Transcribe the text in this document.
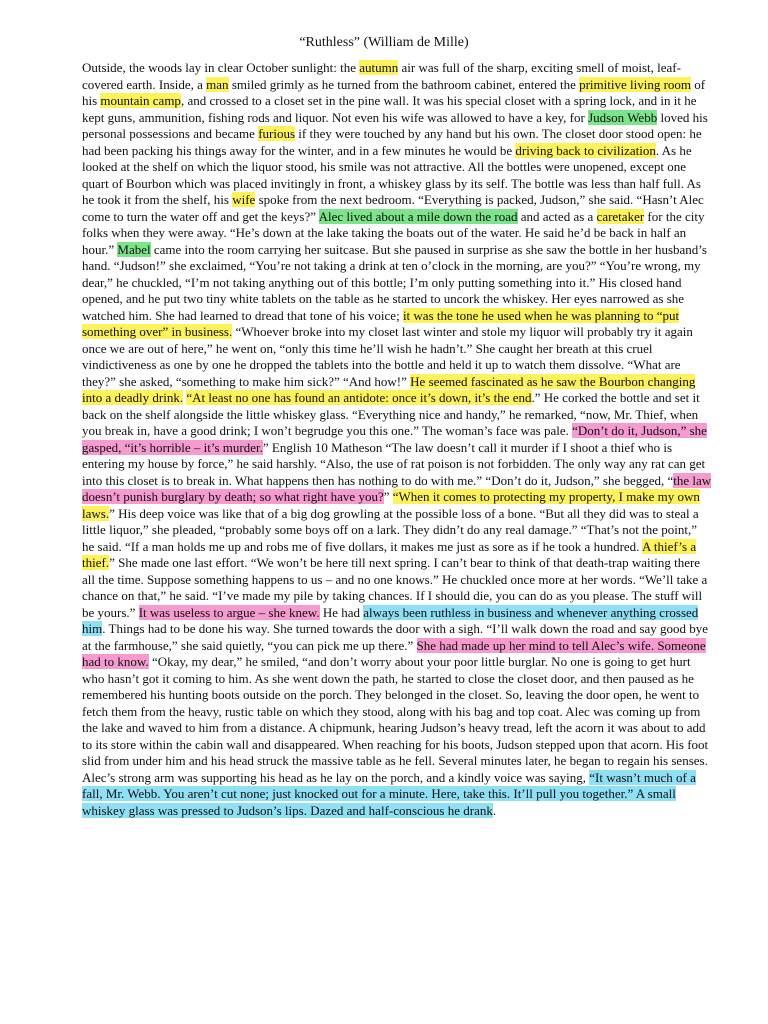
“Ruthless” (William de Mille)
Outside, the woods lay in clear October sunlight: the autumn air was full of the sharp, exciting smell of moist, leaf-covered earth. Inside, a man smiled grimly as he turned from the bathroom cabinet, entered the primitive living room of his mountain camp, and crossed to a closet set in the pine wall. It was his special closet with a spring lock, and in it he kept guns, ammunition, fishing rods and liquor. Not even his wife was allowed to have a key, for Judson Webb loved his personal possessions and became furious if they were touched by any hand but his own. The closet door stood open: he had been packing his things away for the winter, and in a few minutes he would be driving back to civilization. As he looked at the shelf on which the liquor stood, his smile was not attractive. All the bottles were unopened, except one quart of Bourbon which was placed invitingly in front, a whiskey glass by its self. The bottle was less than half full. As he took it from the shelf, his wife spoke from the next bedroom. “Everything is packed, Judson,” she said. “Hasn’t Alec come to turn the water off and get the keys?” Alec lived about a mile down the road and acted as a caretaker for the city folks when they were away. “He’s down at the lake taking the boats out of the water. He said he’d be back in half an hour.” Mabel came into the room carrying her suitcase. But she paused in surprise as she saw the bottle in her husband’s hand. “Judson!” she exclaimed, “You’re not taking a drink at ten o’clock in the morning, are you?” “You’re wrong, my dear,” he chuckled, “I’m not taking anything out of this bottle; I’m only putting something into it.” His closed hand opened, and he put two tiny white tablets on the table as he started to uncork the whiskey. Her eyes narrowed as she watched him. She had learned to dread that tone of his voice; it was the tone he used when he was planning to “put something over” in business. “Whoever broke into my closet last winter and stole my liquor will probably try it again once we are out of here,” he went on, “only this time he’ll wish he hadn’t.” She caught her breath at this cruel vindictiveness as one by one he dropped the tablets into the bottle and held it up to watch them dissolve. “What are they?” she asked, “something to make him sick?” “And how!” He seemed fascinated as he saw the Bourbon changing into a deadly drink. “At least no one has found an antidote: once it’s down, it’s the end.” He corked the bottle and set it back on the shelf alongside the little whiskey glass. “Everything nice and handy,” he remarked, “now, Mr. Thief, when you break in, have a good drink; I won’t begrudge you this one.” The woman’s face was pale. “Don’t do it, Judson,” she gasped, “it’s horrible – it’s murder.” English 10 Matheson “The law doesn’t call it murder if I shoot a thief who is entering my house by force,” he said harshly. “Also, the use of rat poison is not forbidden. The only way any rat can get into this closet is to break in. What happens then has nothing to do with me.” “Don’t do it, Judson,” she begged, “the law doesn’t punish burglary by death; so what right have you?” “When it comes to protecting my property, I make my own laws.” His deep voice was like that of a big dog growling at the possible loss of a bone. “But all they did was to steal a little liquor,” she pleaded, “probably some boys off on a lark. They didn’t do any real damage.” “That’s not the point,” he said. “If a man holds me up and robs me of five dollars, it makes me just as sore as if he took a hundred. A thief’s a thief.” She made one last effort. “We won’t be here till next spring. I can’t bear to think of that death-trap waiting there all the time. Suppose something happens to us – and no one knows.” He chuckled once more at her words. “We’ll take a chance on that,” he said. “I’ve made my pile by taking chances. If I should die, you can do as you please. The stuff will be yours.” It was useless to argue – she knew. He had always been ruthless in business and whenever anything crossed him. Things had to be done his way. She turned towards the door with a sigh. “I’ll walk down the road and say good bye at the farmhouse,” she said quietly, “you can pick me up there.” She had made up her mind to tell Alec’s wife. Someone had to know. “Okay, my dear,” he smiled, “and don’t worry about your poor little burglar. No one is going to get hurt who hasn’t got it coming to him. As she went down the path, he started to close the closet door, and then paused as he remembered his hunting boots outside on the porch. They belonged in the closet. So, leaving the door open, he went to fetch them from the heavy, rustic table on which they stood, along with his bag and top coat. Alec was coming up from the lake and waved to him from a distance. A chipmunk, hearing Judson’s heavy tread, left the acorn it was about to add to its store within the cabin wall and disappeared. When reaching for his boots, Judson stepped upon that acorn. His foot slid from under him and his head struck the massive table as he fell. Several minutes later, he began to regain his senses. Alec’s strong arm was supporting his head as he lay on the porch, and a kindly voice was saying, “It wasn’t much of a fall, Mr. Webb. You aren’t cut none; just knocked out for a minute. Here, take this. It’ll pull you together.” A small whiskey glass was pressed to Judson’s lips. Dazed and half-conscious he drank.
